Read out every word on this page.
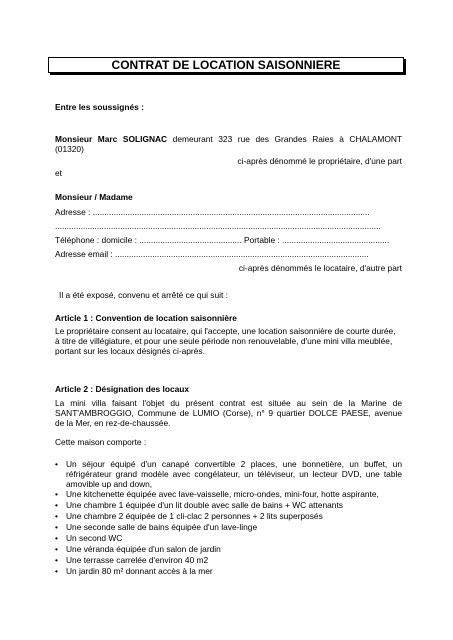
CONTRAT DE LOCATION SAISONNIERE
Entre les soussignés :
Monsieur Marc SOLIGNAC demeurant 323 rue des Grandes Raies à CHALAMONT
(01320)
ci-après dénommé le propriétaire, d'une part
et
Monsieur / Madame
Adresse : .......................................................................................................................
............................................................................................................................................
Téléphone : domicile : ............................................ Portable : ..............................................
Adresse email : .............................................................................................................
ci-après dénommés le locataire, d'autre part
Il a été exposé, convenu et arrêté ce qui suit :
Article 1 : Convention de location saisonnière
Le propriétaire consent au locataire, qui l'accepte, une location saisonnière de courte durée,
à titre de villégiature, et pour une seule période non renouvelable, d'une mini villa meublée,
portant sur les locaux désignés ci-après.
Article 2 : Désignation des locaux
La mini villa faisant l'objet du présent contrat est située au sein de la Marine de
SANT'AMBROGGIO, Commune de LUMIO (Corse), n° 9 quartier DOLCE PAESE, avenue
de la Mer, en rez-de-chaussée.
Cette maison comporte :
• Un séjour équipé d'un canapé convertible 2 places, une bonnetière, un buffet, un
réfrigérateur grand modèle avec congélateur, un téléviseur, un lecteur DVD, une table
amovible up and down,
• Une kitchenette équipée avec lave-vaisselle, micro-ondes, mini-four, hotte aspirante,
• Une chambre 1 équipée d'un lit double avec salle de bains + WC attenants
• Une chambre 2 équipée de 1 cli-clac 2 personnes + 2 lits superposés
• Une seconde salle de bains équipée d'un lave-linge
• Un second WC
• Une véranda équipée d'un salon de jardin
• Une terrasse carrelée d'environ 40 m2
• Un jardin 80 m² donnant accès à la mer
